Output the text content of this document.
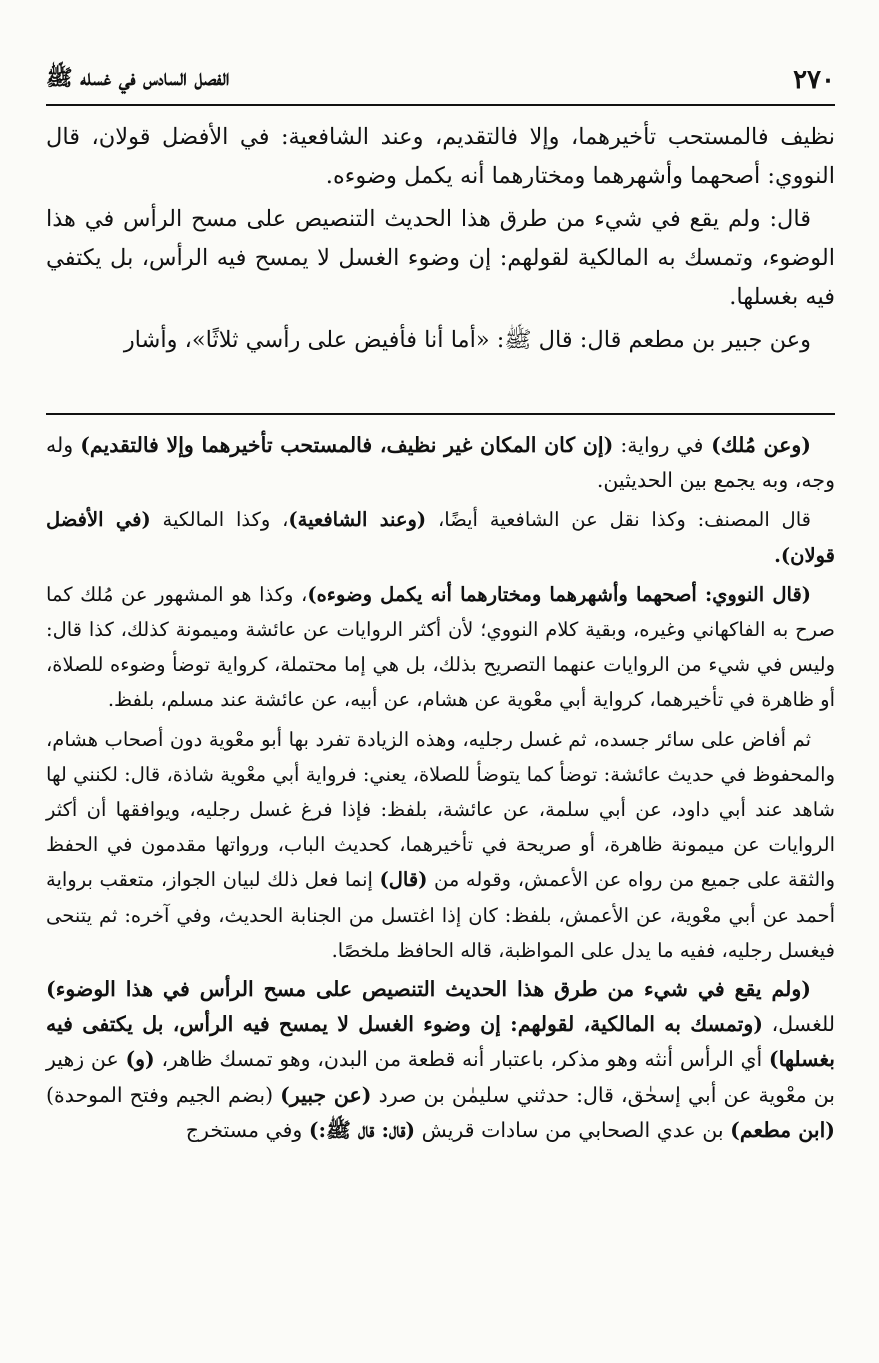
٢٧٠
الفصل السادس في غسله ﷺ

نظيف فالمستحب تأخيرهما، وإلا فالتقديم، وعند الشافعية: في الأفضل قولان، قال النووي: أصحهما وأشهرهما ومختارهما أنه يكمل وضوءه.

قال: ولم يقع في شيء من طرق هذا الحديث التنصيص على مسح الرأس في هذا الوضوء، وتمسك به المالكية لقولهم: إن وضوء الغسل لا يمسح فيه الرأس، بل يكتفي فيه بغسلها.

وعن جبير بن مطعم قال: قال ﷺ: «أما أنا فأفيض على رأسي ثلاثًا»، وأشار

(وعن مُلك) في رواية: (إن كان المكان غير نظيف، فالمستحب تأخيرهما وإلا فالتقديم) وله وجه، وبه يجمع بين الحديثين.

قال المصنف: وكذا نقل عن الشافعية أيضًا، (وعند الشافعية)، وكذا المالكية (في الأفضل قولان).

(قال النووي: أصحهما وأشهرهما ومختارهما أنه يكمل وضوءه)، وكذا هو المشهور عن مُلك كما صرح به الفاكهاني وغيره، وبقية كلام النووي؛ لأن أكثر الروايات عن عائشة وميمونة كذلك، كذا قال: وليس في شيء من الروايات عنهما التصريح بذلك، بل هي إما محتملة، كرواية توضأ وضوءه للصلاة، أو ظاهرة في تأخيرهما، كرواية أبي معْوية عن هشام، عن أبيه، عن عائشة عند مسلم، بلفظ.

ثم أفاض على سائر جسده، ثم غسل رجليه، وهذه الزيادة تفرد بها أبو معْوية دون أصحاب هشام، والمحفوظ في حديث عائشة: توضأ كما يتوضأ للصلاة، يعني: فرواية أبي معْوية شاذة، قال: لكنني لها شاهد عند أبي داود، عن أبي سلمة، عن عائشة، بلفظ: فإذا فرغ غسل رجليه، ويوافقها أن أكثر الروايات عن ميمونة ظاهرة، أو صريحة في تأخيرهما، كحديث الباب، ورواتها مقدمون في الحفظ والثقة على جميع من رواه عن الأعمش، وقوله من (قال) إنما فعل ذلك لبيان الجواز، متعقب برواية أحمد عن أبي معْوية، عن الأعمش، بلفظ: كان إذا اغتسل من الجنابة الحديث، وفي آخره: ثم يتنحى فيغسل رجليه، ففيه ما يدل على المواظبة، قاله الحافظ ملخصًا.

(ولم يقع في شيء من طرق هذا الحديث التنصيص على مسح الرأس في هذا الوضوء) للغسل، (وتمسك به المالكية، لقولهم: إن وضوء الغسل لا يمسح فيه الرأس، بل يكتفى فيه بغسلها) أي الرأس أنثه وهو مذكر، باعتبار أنه قطعة من البدن، وهو تمسك ظاهر، (و) عن زهير بن معْوية عن أبي إسحٰق، قال: حدثني سليمٰن بن صرد (عن جبير) (بضم الجيم وفتح الموحدة) (ابن مطعم) بن عدي الصحابي من سادات قريش (قال: قال ﷺ:) وفي مستخرج
